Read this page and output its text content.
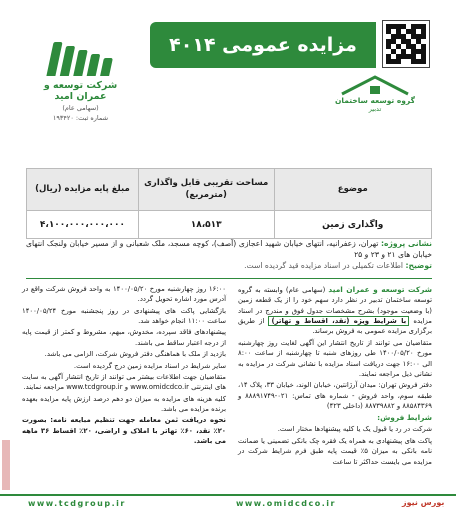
مزایده عمومی ۴۰۱۴
شرکت توسعه و عمران امید
(سهامی عام)
شماره ثبت: ۱۹۳۴۲۰
گروه توسعه ساختمان
تدبیر
موضوع	مساحت تقریبی قابل واگذاری (مترمربع)	مبلغ پایه مزایده (ریال)
واگذاری زمین	۱۸،۵۱۳	۴،۱۰۰،۰۰۰،۰۰۰،۰۰۰
نشانی پروژه: تهران، زعفرانیه، انتهای خیابان شهید اعجازی (آصف)، کوچه مسجد، ملک شعبانی و از مسیر خیابان ولنجک انتهای خیابان های ۲۱ و ۲۳ و ۲۵
توضیح: اطلاعات تکمیلی در اسناد مزایده قید گردیده است.

شرکت توسعه و عمران امید (سهامی عام) وابسته به گروه توسعه ساختمان تدبیر در نظر دارد سهم خود را از یک قطعه زمین (با وضعیت موجود) بشرح مشخصات جدول فوق و مندرج در اسناد مزایده با شرایط ویژه (نقد، اقساط و تهاتر) از طریق برگزاری مزایده عمومی به فروش برساند.

متقاضیان می توانند از تاریخ انتشار این آگهی لغایت روز چهارشنبه مورخ ۱۴۰۰/۰۵/۲۰ طی روزهای شنبه تا چهارشنبه از ساعت ۸:۰۰ الی ۱۶:۰۰ جهت دریافت اسناد مزایده با نشانی شرکت در مزایده به نشانی ذیل مراجعه نمایند.

دفتر فروش تهران: میدان آرژانتین، خیابان الوند، خیابان ۳۳، پلاک ۱۴، طبقه سوم، واحد فروش - شماره های تماس: ۰۲۱-۸۸۸۹۱۷۴۹ و ۸۸۵۸۴۳۶۹ و ۸۸۷۳۹۸۸۲ (داخلی ۴۲۳)

شرایط فروش:

شرکت در رد یا قبول یک یا کلیه پیشنهادها مختار است.

پاکت های پیشنهادی به همراه یک فقره چک بانکی تضمینی یا ضمانت نامه بانکی به میزان ۵٪ قیمت پایه طبق فرم شرایط شرکت در مزایده می بایست حداکثر تا ساعت

۱۶:۰۰ روز چهارشنبه مورخ ۱۴۰۰/۰۵/۲۰ به واحد فروش شرکت واقع در آدرس مورد اشاره تحویل گردد.

بازگشایی پاکت های پیشنهادی در روز پنجشنبه مورخ ۱۴۰۰/۰۵/۲۴ ساعت ۱۱:۰۰ انجام خواهد شد.

پیشنهادهای فاقد سپرده، مخدوش، مبهم، مشروط و کمتر از قیمت پایه از درجه اعتبار ساقط می باشند.

بازدید از ملک با هماهنگی دفتر فروش شرکت، الزامی می باشد.

سایر شرایط در اسناد مزایده زمین درج گردیده است.

متقاضیان جهت اطلاعات بیشتر می توانند از تاریخ انتشار آگهی به سایت های اینترنتی www.omidcdco.ir و www.tcdgroup.ir مراجعه نمایند.

کلیه هزینه های مزایده به میزان دو دهم درصد ارزش پایه مزایده بعهده برنده مزایده می باشد.

نحوه دریافت ثمن معامله جهت تنظیم مبایعه نامه: بصورت ۲۰٪ نقد، ۶۰٪ تهاتر با املاک و اراضی، ۲۰٪ اقساط ۳۶ ماهه می باشد.

www.tcdgroup.ir	www.omidcdco.ir	بورس نیوز
